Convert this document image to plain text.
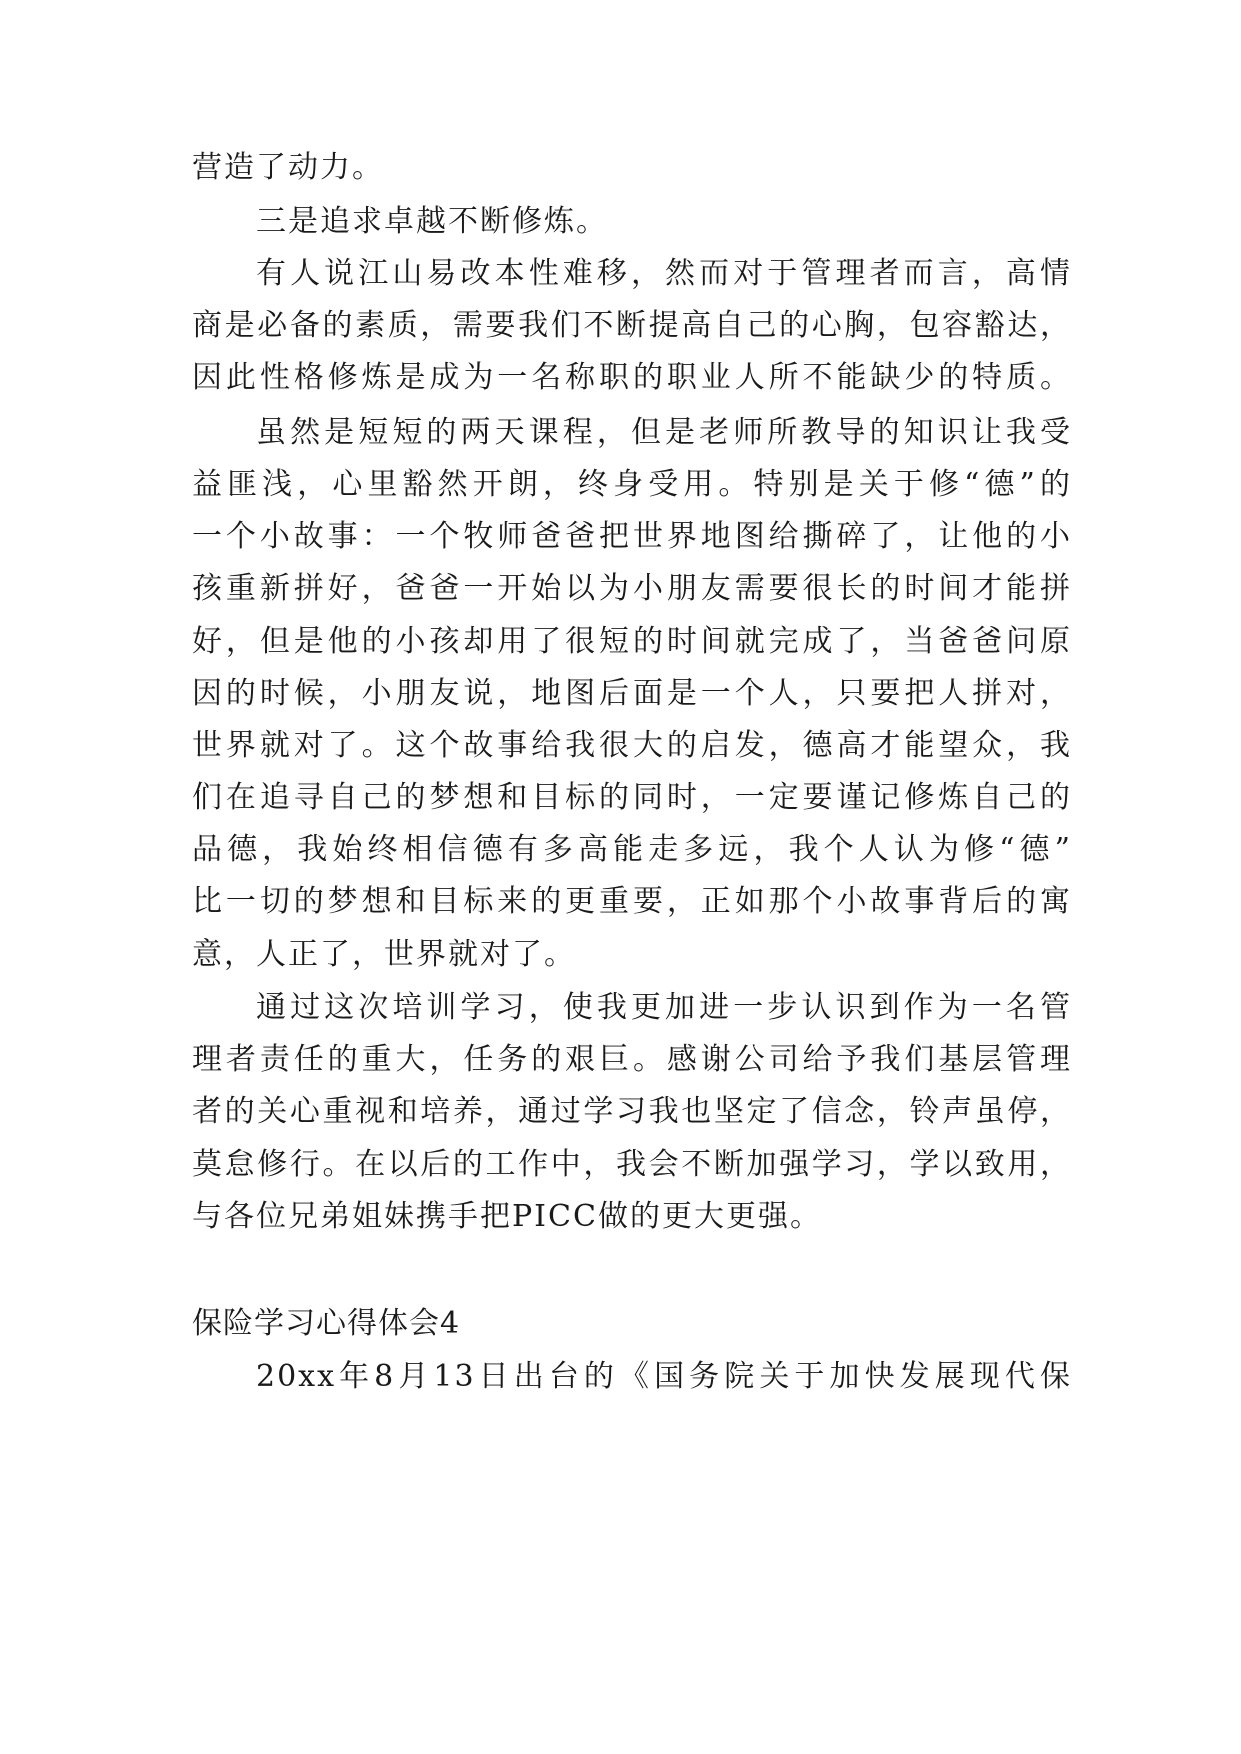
营造了动力。
三是追求卓越不断修炼。
有人说江山易改本性难移，然而对于管理者而言，高情
商是必备的素质，需要我们不断提高自己的心胸，包容豁达，
因此性格修炼是成为一名称职的职业人所不能缺少的特质。
虽然是短短的两天课程，但是老师所教导的知识让我受
益匪浅，心里豁然开朗，终身受用。特别是关于修“德”的
一个小故事：一个牧师爸爸把世界地图给撕碎了，让他的小
孩重新拼好，爸爸一开始以为小朋友需要很长的时间才能拼
好，但是他的小孩却用了很短的时间就完成了，当爸爸问原
因的时候，小朋友说，地图后面是一个人，只要把人拼对，
世界就对了。这个故事给我很大的启发，德高才能望众，我
们在追寻自己的梦想和目标的同时，一定要谨记修炼自己的
品德，我始终相信德有多高能走多远，我个人认为修“德”
比一切的梦想和目标来的更重要，正如那个小故事背后的寓
意，人正了，世界就对了。
通过这次培训学习，使我更加进一步认识到作为一名管
理者责任的重大，任务的艰巨。感谢公司给予我们基层管理
者的关心重视和培养，通过学习我也坚定了信念，铃声虽停，
莫怠修行。在以后的工作中，我会不断加强学习，学以致用，
与各位兄弟姐妹携手把PICC做的更大更强。
保险学习心得体会4
20xx年8月13日出台的《国务院关于加快发展现代保
